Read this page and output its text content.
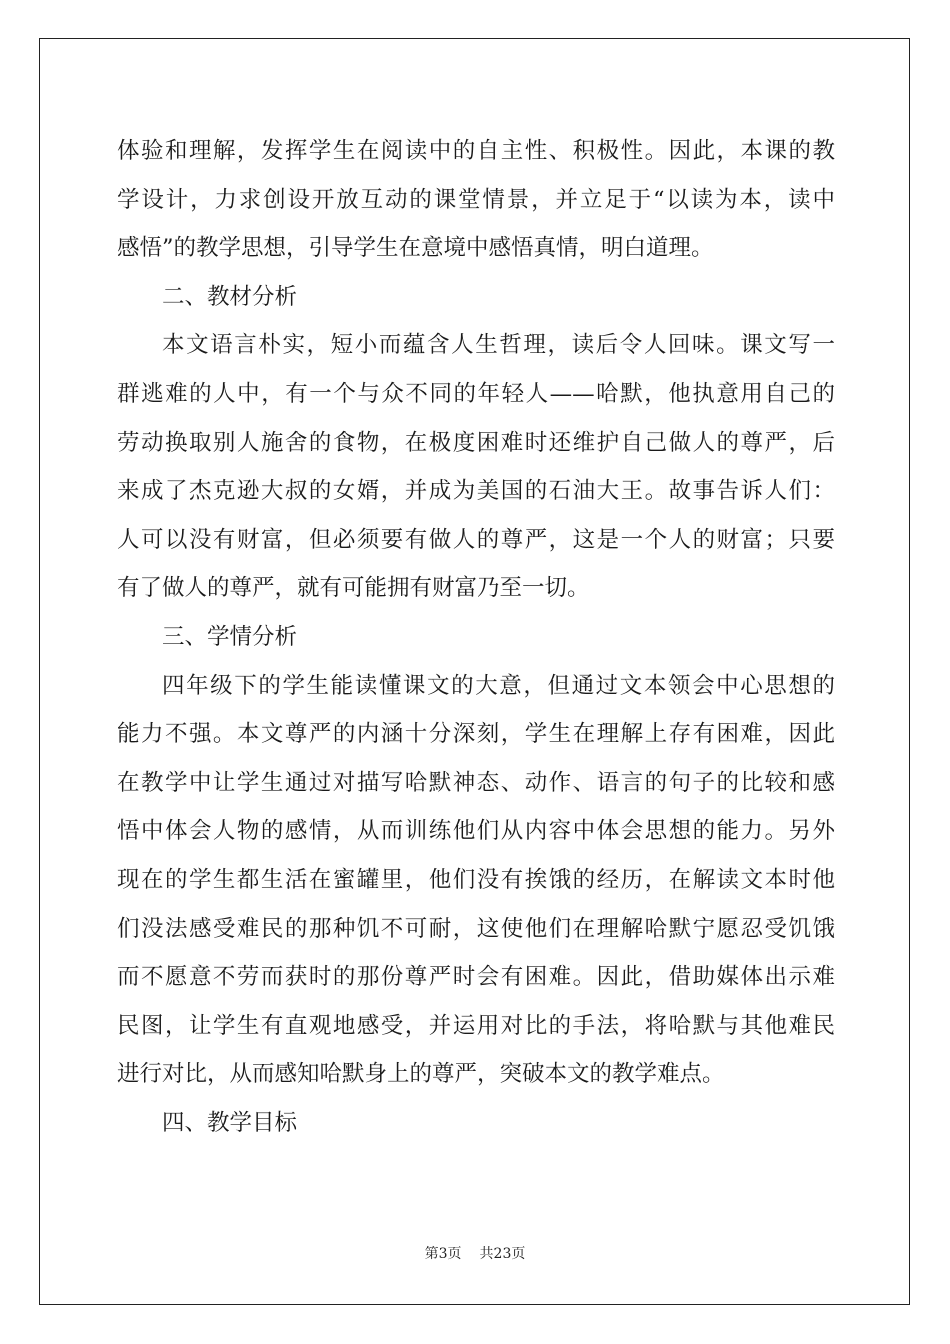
体验和理解，发挥学生在阅读中的自主性、积极性。因此，本课的教
学设计，力求创设开放互动的课堂情景，并立足于“以读为本，读中
感悟”的教学思想，引导学生在意境中感悟真情，明白道理。
二、教材分析
本文语言朴实，短小而蕴含人生哲理，读后令人回味。课文写一
群逃难的人中，有一个与众不同的年轻人——哈默，他执意用自己的
劳动换取别人施舍的食物，在极度困难时还维护自己做人的尊严，后
来成了杰克逊大叔的女婿，并成为美国的石油大王。故事告诉人们：
人可以没有财富，但必须要有做人的尊严，这是一个人的财富；只要
有了做人的尊严，就有可能拥有财富乃至一切。
三、学情分析
四年级下的学生能读懂课文的大意，但通过文本领会中心思想的
能力不强。本文尊严的内涵十分深刻，学生在理解上存有困难，因此
在教学中让学生通过对描写哈默神态、动作、语言的句子的比较和感
悟中体会人物的感情，从而训练他们从内容中体会思想的能力。另外
现在的学生都生活在蜜罐里，他们没有挨饿的经历，在解读文本时他
们没法感受难民的那种饥不可耐，这使他们在理解哈默宁愿忍受饥饿
而不愿意不劳而获时的那份尊严时会有困难。因此，借助媒体出示难
民图，让学生有直观地感受，并运用对比的手法，将哈默与其他难民
进行对比，从而感知哈默身上的尊严，突破本文的教学难点。
四、教学目标
第3页 共23页
